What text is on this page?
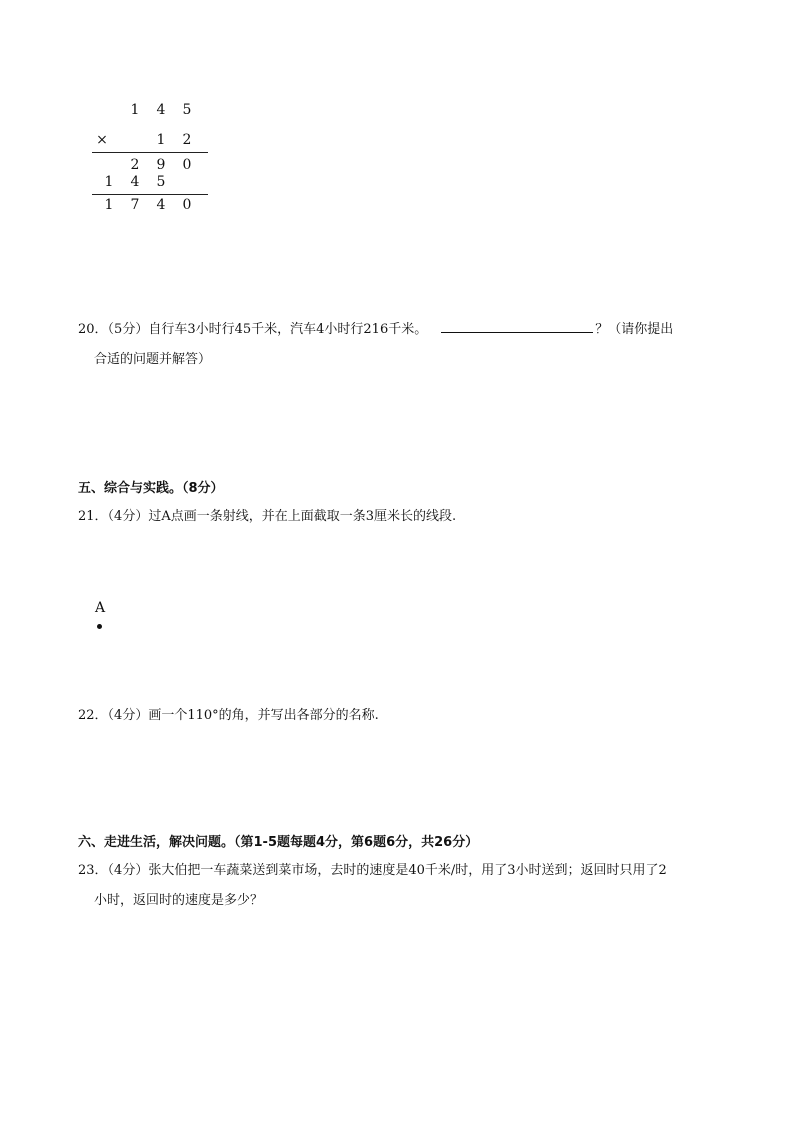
1 4 5
×	1 2
2 9 0
1 4 5
1 7 4 0
20．（5分）自行车3小时行45千米，汽车4小时行216千米。	？（请你提出
合适的问题并解答）
五、综合与实践。（8分）
21．（4分）过A点画一条射线，并在上面截取一条3厘米长的线段.
A
22．（4分）画一个110°的角，并写出各部分的名称.
六、走进生活，解决问题。（第1-5题每题4分，第6题6分，共26分）
23．（4分）张大伯把一车蔬菜送到菜市场，去时的速度是40千米/时，用了3小时送到；返回时只用了2
小时，返回时的速度是多少？
